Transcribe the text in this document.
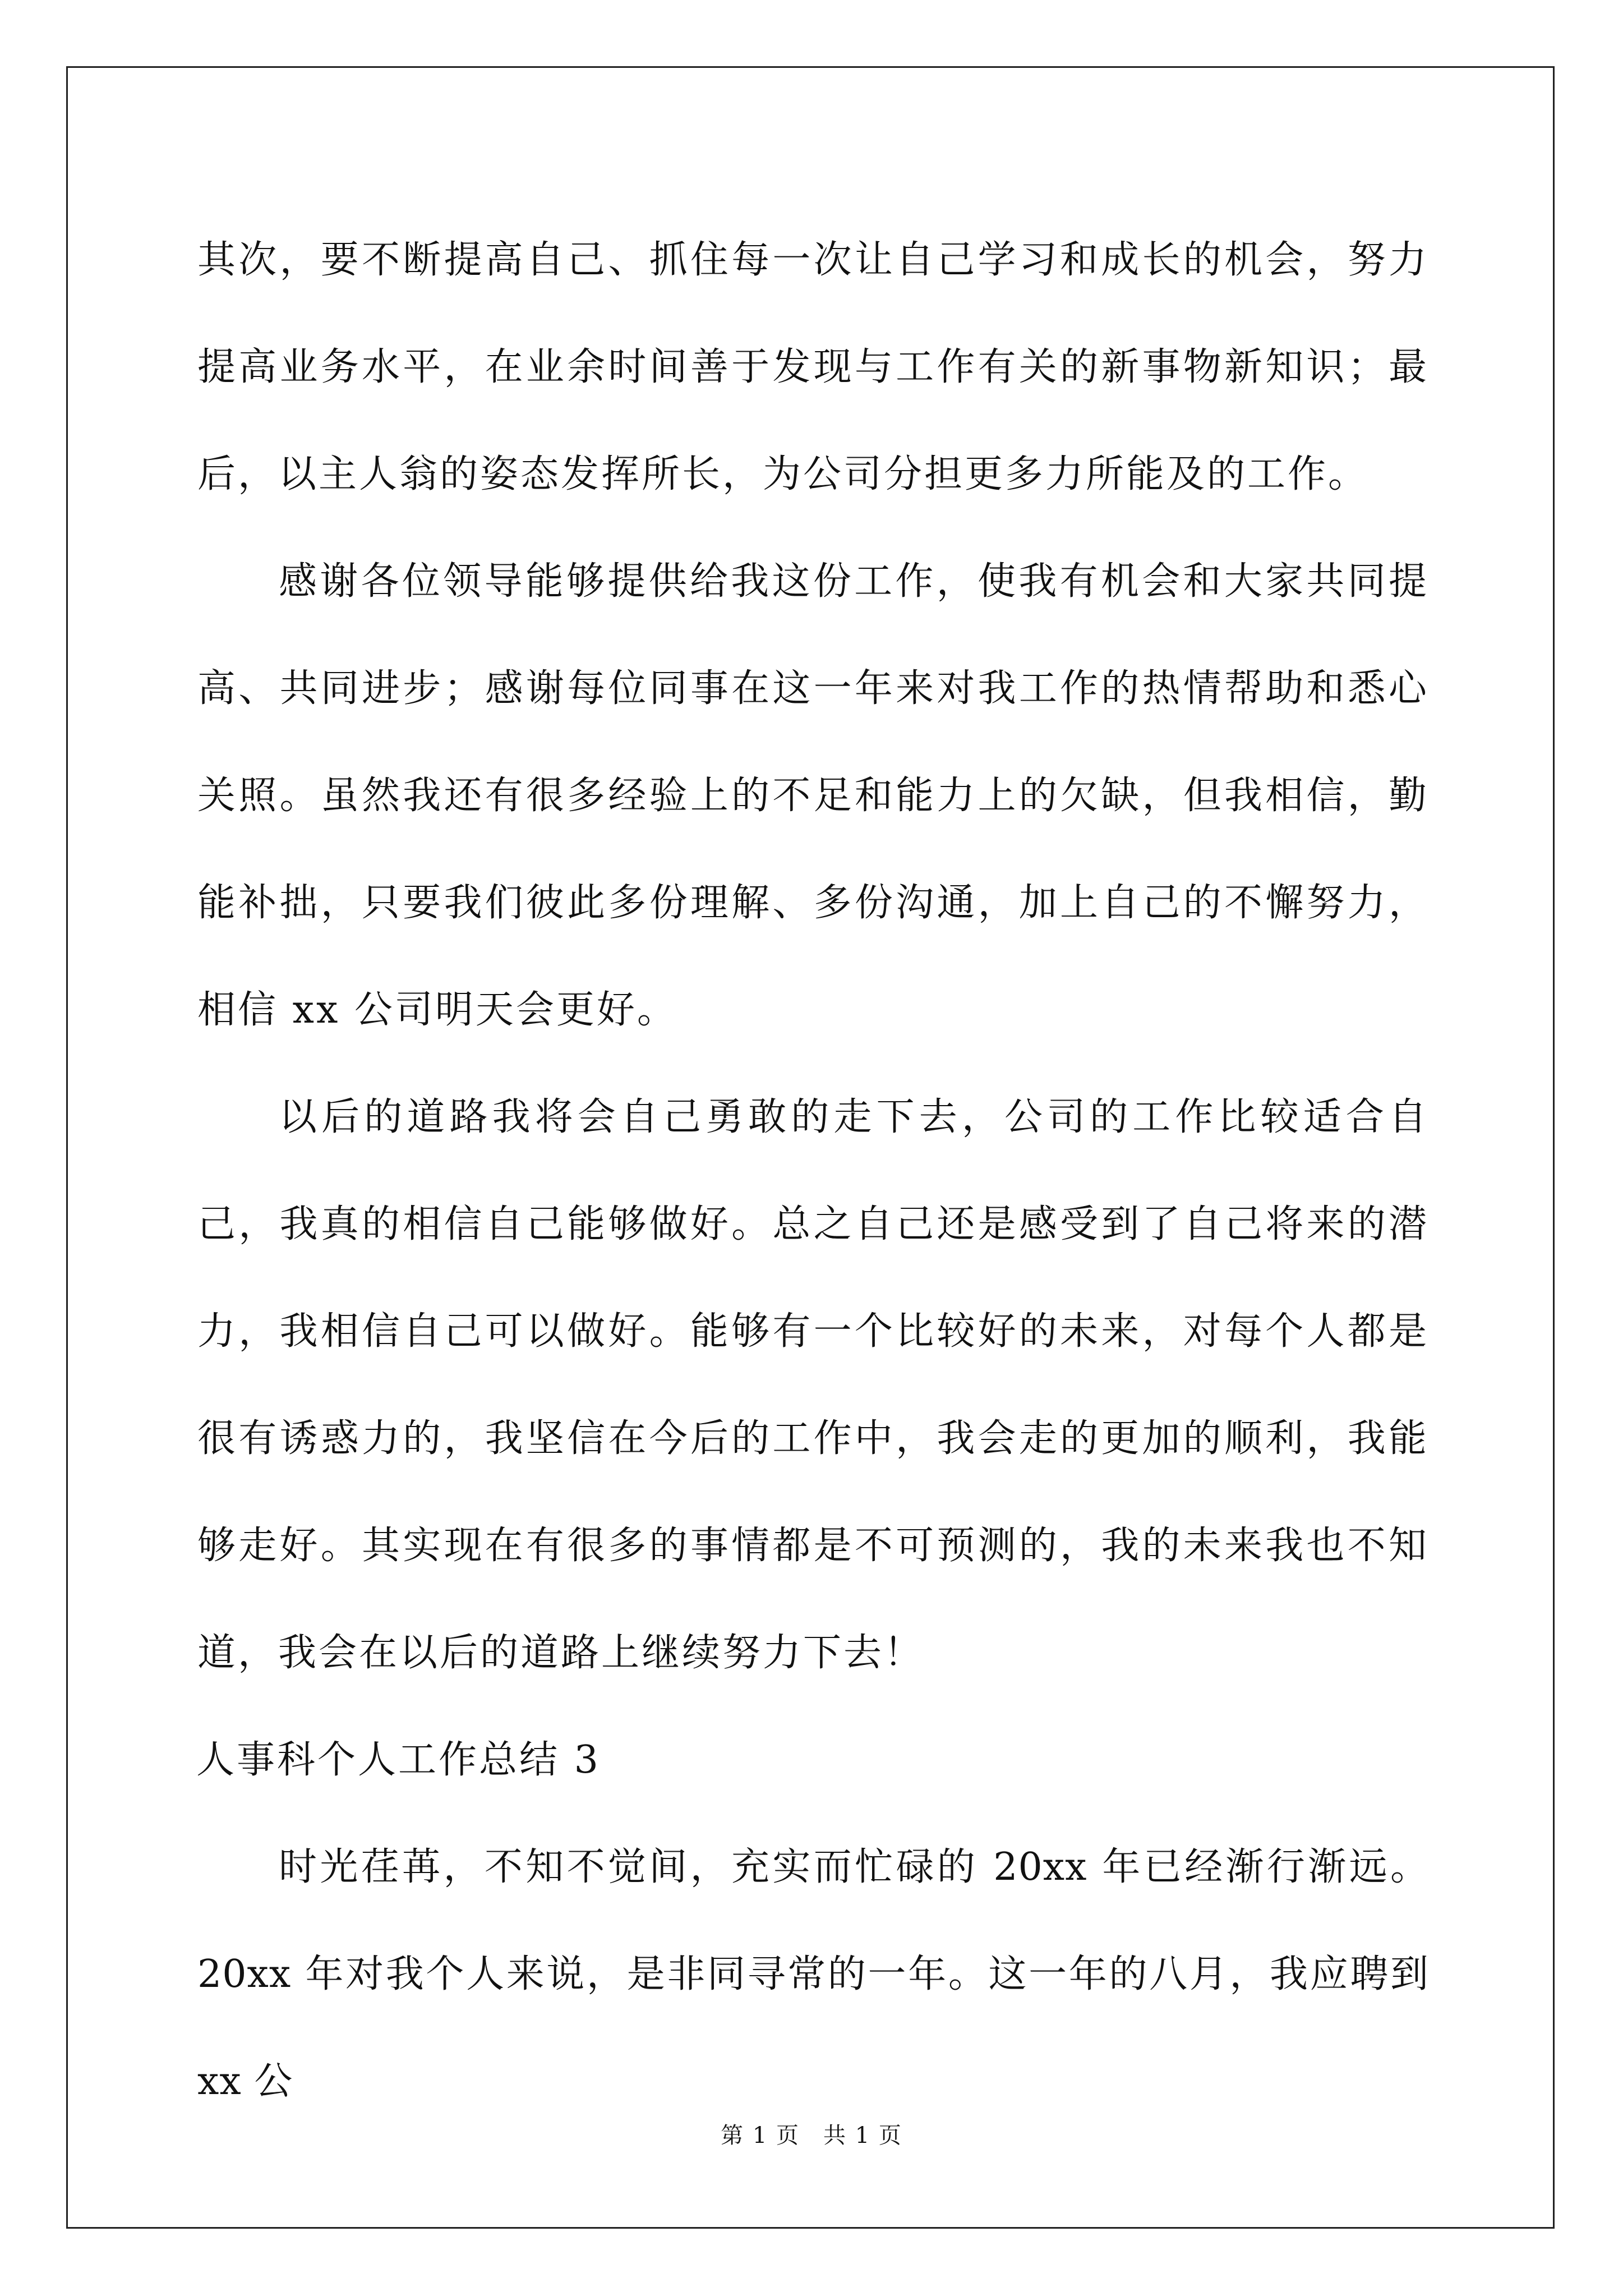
其次，要不断提高自己、抓住每一次让自己学习和成长的机会，努力提高业务水平，在业余时间善于发现与工作有关的新事物新知识；最后，以主人翁的姿态发挥所长，为公司分担更多力所能及的工作。

感谢各位领导能够提供给我这份工作，使我有机会和大家共同提高、共同进步；感谢每位同事在这一年来对我工作的热情帮助和悉心关照。虽然我还有很多经验上的不足和能力上的欠缺，但我相信，勤能补拙，只要我们彼此多份理解、多份沟通，加上自己的不懈努力，相信 xx 公司明天会更好。

以后的道路我将会自己勇敢的走下去，公司的工作比较适合自己，我真的相信自己能够做好。总之自己还是感受到了自己将来的潜力，我相信自己可以做好。能够有一个比较好的未来，对每个人都是很有诱惑力的，我坚信在今后的工作中，我会走的更加的顺利，我能够走好。其实现在有很多的事情都是不可预测的，我的未来我也不知道，我会在以后的道路上继续努力下去！

人事科个人工作总结 3

时光荏苒，不知不觉间，充实而忙碌的 20xx 年已经渐行渐远。20xx 年对我个人来说，是非同寻常的一年。这一年的八月，我应聘到 xx 公

第 1 页　共 1 页
